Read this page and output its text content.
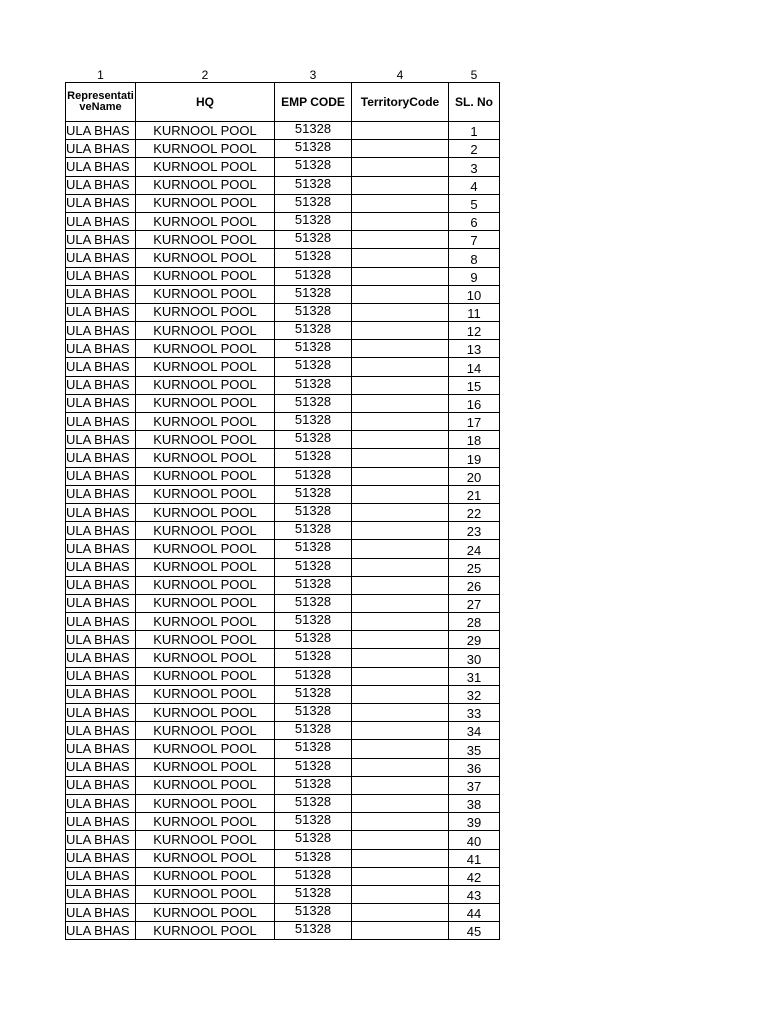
1	2	3	4	5
RepresentativeName	HQ	EMP CODE	TerritoryCode	SL. No
ULA BHAS	KURNOOL POOL	51328		1
ULA BHAS	KURNOOL POOL	51328		2
ULA BHAS	KURNOOL POOL	51328		3
ULA BHAS	KURNOOL POOL	51328		4
ULA BHAS	KURNOOL POOL	51328		5
ULA BHAS	KURNOOL POOL	51328		6
ULA BHAS	KURNOOL POOL	51328		7
ULA BHAS	KURNOOL POOL	51328		8
ULA BHAS	KURNOOL POOL	51328		9
ULA BHAS	KURNOOL POOL	51328		10
ULA BHAS	KURNOOL POOL	51328		11
ULA BHAS	KURNOOL POOL	51328		12
ULA BHAS	KURNOOL POOL	51328		13
ULA BHAS	KURNOOL POOL	51328		14
ULA BHAS	KURNOOL POOL	51328		15
ULA BHAS	KURNOOL POOL	51328		16
ULA BHAS	KURNOOL POOL	51328		17
ULA BHAS	KURNOOL POOL	51328		18
ULA BHAS	KURNOOL POOL	51328		19
ULA BHAS	KURNOOL POOL	51328		20
ULA BHAS	KURNOOL POOL	51328		21
ULA BHAS	KURNOOL POOL	51328		22
ULA BHAS	KURNOOL POOL	51328		23
ULA BHAS	KURNOOL POOL	51328		24
ULA BHAS	KURNOOL POOL	51328		25
ULA BHAS	KURNOOL POOL	51328		26
ULA BHAS	KURNOOL POOL	51328		27
ULA BHAS	KURNOOL POOL	51328		28
ULA BHAS	KURNOOL POOL	51328		29
ULA BHAS	KURNOOL POOL	51328		30
ULA BHAS	KURNOOL POOL	51328		31
ULA BHAS	KURNOOL POOL	51328		32
ULA BHAS	KURNOOL POOL	51328		33
ULA BHAS	KURNOOL POOL	51328		34
ULA BHAS	KURNOOL POOL	51328		35
ULA BHAS	KURNOOL POOL	51328		36
ULA BHAS	KURNOOL POOL	51328		37
ULA BHAS	KURNOOL POOL	51328		38
ULA BHAS	KURNOOL POOL	51328		39
ULA BHAS	KURNOOL POOL	51328		40
ULA BHAS	KURNOOL POOL	51328		41
ULA BHAS	KURNOOL POOL	51328		42
ULA BHAS	KURNOOL POOL	51328		43
ULA BHAS	KURNOOL POOL	51328		44
ULA BHAS	KURNOOL POOL	51328		45
